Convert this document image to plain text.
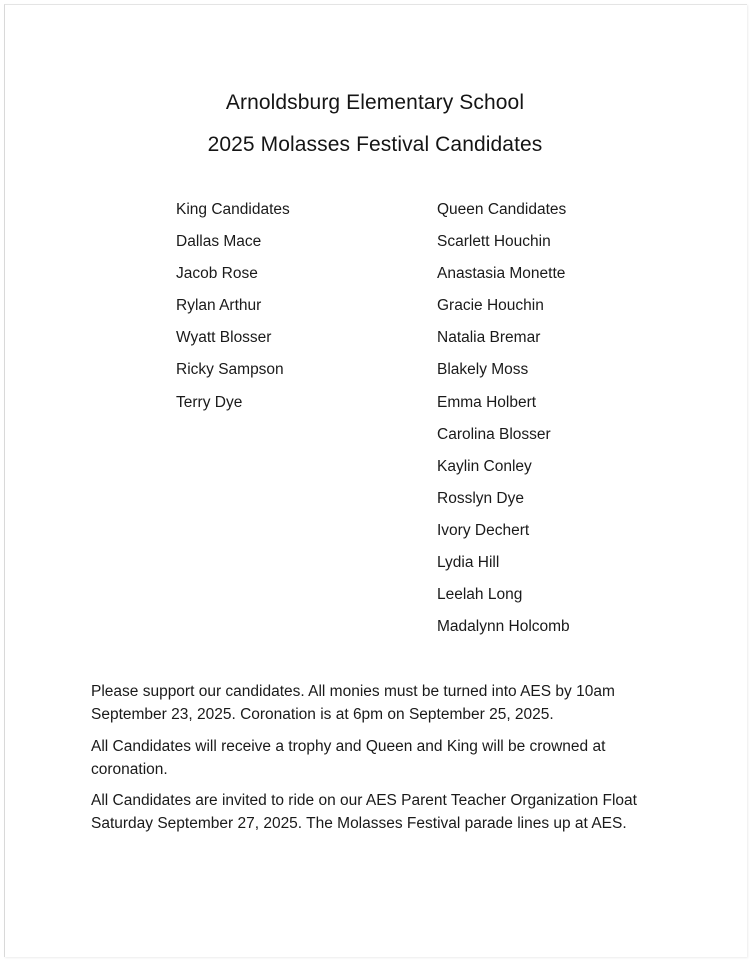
Arnoldsburg Elementary School
2025 Molasses Festival Candidates
King Candidates
Dallas Mace
Jacob Rose
Rylan Arthur
Wyatt Blosser
Ricky Sampson
Terry Dye
Queen Candidates
Scarlett Houchin
Anastasia Monette
Gracie Houchin
Natalia Bremar
Blakely Moss
Emma Holbert
Carolina Blosser
Kaylin Conley
Rosslyn Dye
Ivory Dechert
Lydia Hill
Leelah Long
Madalynn Holcomb
Please support our candidates. All monies must be turned into AES by 10am
September 23, 2025. Coronation is at 6pm on September 25, 2025.
All Candidates will receive a trophy and Queen and King will be crowned at
coronation.
All Candidates are invited to ride on our AES Parent Teacher Organization Float
Saturday September 27, 2025. The Molasses Festival parade lines up at AES.
